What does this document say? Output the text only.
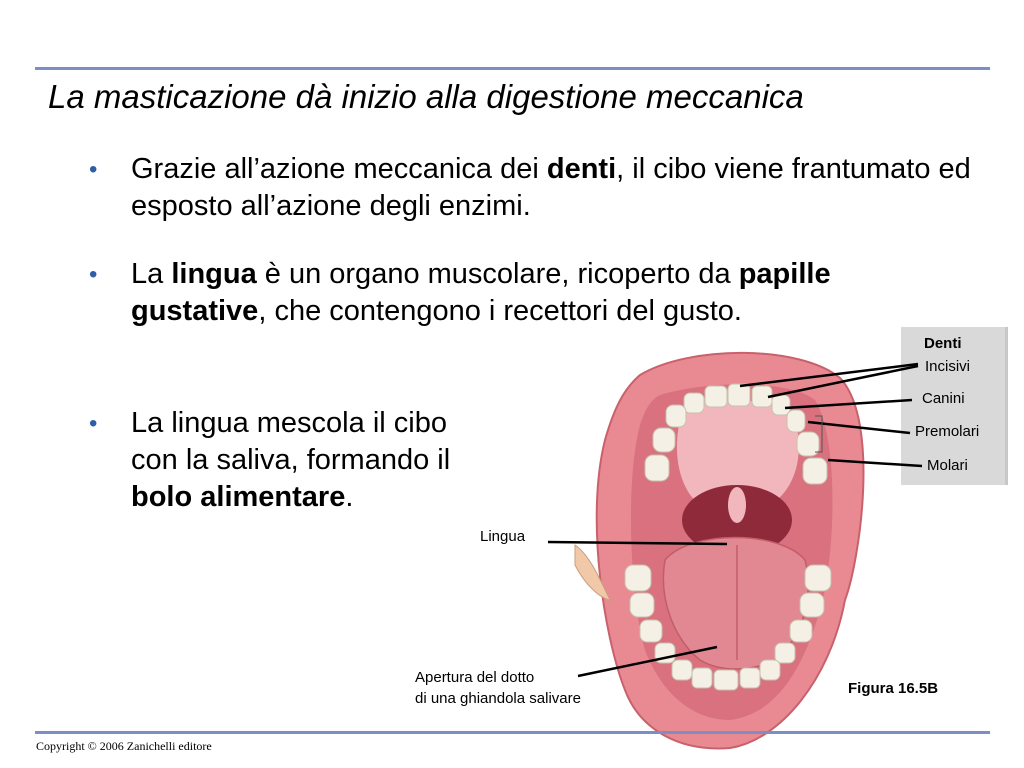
La masticazione dà inizio alla digestione meccanica
• Grazie all’azione meccanica dei denti, il cibo viene frantumato ed esposto all’azione degli enzimi.
• La lingua è un organo muscolare, ricoperto da papille gustative, che contengono i recettori del gusto.
• La lingua mescola il cibo con la saliva, formando il bolo alimentare.
Denti
Incisivi
Canini
Premolari
Molari
Lingua
Apertura del dotto
di una ghiandola salivare
Figura 16.5B
Copyright © 2006 Zanichelli editore
